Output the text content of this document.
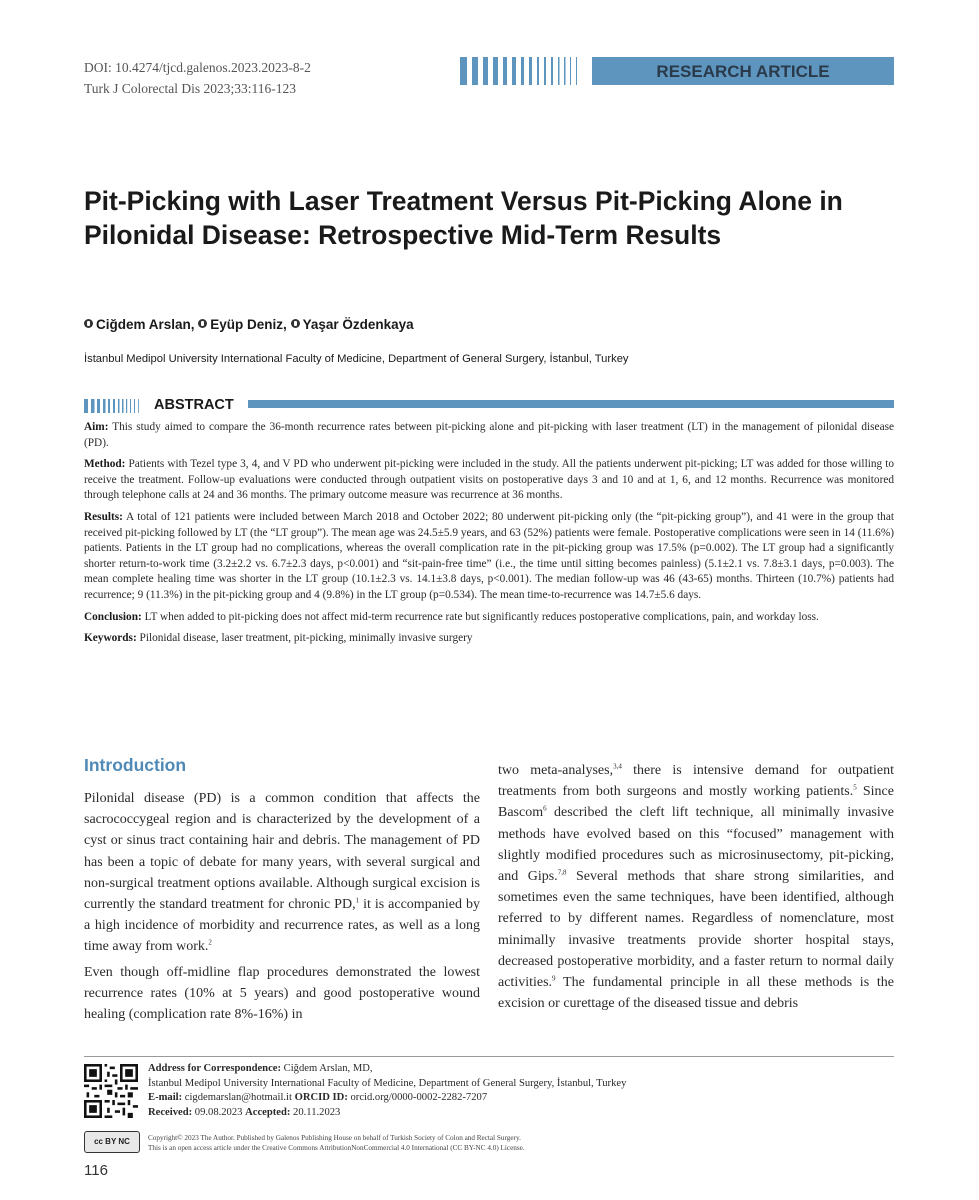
DOI: 10.4274/tjcd.galenos.2023.2023-8-2
Turk J Colorectal Dis 2023;33:116-123
RESEARCH ARTICLE
Pit-Picking with Laser Treatment Versus Pit-Picking Alone in Pilonidal Disease: Retrospective Mid-Term Results
Ciğdem Arslan, Eyüp Deniz, Yaşar Özdenkaya
İstanbul Medipol University International Faculty of Medicine, Department of General Surgery, İstanbul, Turkey
ABSTRACT

Aim: This study aimed to compare the 36-month recurrence rates between pit-picking alone and pit-picking with laser treatment (LT) in the management of pilonidal disease (PD).

Method: Patients with Tezel type 3, 4, and V PD who underwent pit-picking were included in the study. All the patients underwent pit-picking; LT was added for those willing to receive the treatment. Follow-up evaluations were conducted through outpatient visits on postoperative days 3 and 10 and at 1, 6, and 12 months. Recurrence was monitored through telephone calls at 24 and 36 months. The primary outcome measure was recurrence at 36 months.

Results: A total of 121 patients were included between March 2018 and October 2022; 80 underwent pit-picking only (the “pit-picking group”), and 41 were in the group that received pit-picking followed by LT (the “LT group”). The mean age was 24.5±5.9 years, and 63 (52%) patients were female. Postoperative complications were seen in 14 (11.6%) patients. Patients in the LT group had no complications, whereas the overall complication rate in the pit-picking group was 17.5% (p=0.002). The LT group had a significantly shorter return-to-work time (3.2±2.2 vs. 6.7±2.3 days, p<0.001) and “sit-pain-free time” (i.e., the time until sitting becomes painless) (5.1±2.1 vs. 7.8±3.1 days, p=0.003). The mean complete healing time was shorter in the LT group (10.1±2.3 vs. 14.1±3.8 days, p<0.001). The median follow-up was 46 (43-65) months. Thirteen (10.7%) patients had recurrence; 9 (11.3%) in the pit-picking group and 4 (9.8%) in the LT group (p=0.534). The mean time-to-recurrence was 14.7±5.6 days.

Conclusion: LT when added to pit-picking does not affect mid-term recurrence rate but significantly reduces postoperative complications, pain, and workday loss.

Keywords: Pilonidal disease, laser treatment, pit-picking, minimally invasive surgery

Introduction

Pilonidal disease (PD) is a common condition that affects the sacrococcygeal region and is characterized by the development of a cyst or sinus tract containing hair and debris. The management of PD has been a topic of debate for many years, with several surgical and non-surgical treatment options available. Although surgical excision is currently the standard treatment for chronic PD,$^1$ it is accompanied by a high incidence of morbidity and recurrence rates, as well as a long time away from work.$^2$

Even though off-midline flap procedures demonstrated the lowest recurrence rates (10% at 5 years) and good postoperative wound healing (complication rate 8%-16%) in

two meta-analyses,$^{3,4}$ there is intensive demand for outpatient treatments from both surgeons and mostly working patients.$^5$ Since Bascom$^6$ described the cleft lift technique, all minimally invasive methods have evolved based on this “focused” management with slightly modified procedures such as microsinusectomy, pit-picking, and Gips.$^{7,8}$ Several methods that share strong similarities, and sometimes even the same techniques, have been identified, although referred to by different names. Regardless of nomenclature, most minimally invasive treatments provide shorter hospital stays, decreased postoperative morbidity, and a faster return to normal daily activities.$^9$ The fundamental principle in all these methods is the excision or curettage of the diseased tissue and debris

Address for Correspondence: Ciğdem Arslan, MD,
İstanbul Medipol University International Faculty of Medicine, Department of General Surgery, İstanbul, Turkey
E-mail: cigdemarslan@hotmail.it ORCID ID: orcid.org/0000-0002-2282-7207
Received: 09.08.2023 Accepted: 20.11.2023
cc BY NC	Copyright© 2023 The Author. Published by Galenos Publishing House on behalf of Turkish Society of Colon and Rectal Surgery.
This is an open access article under the Creative Commons AttributionNonCommercial 4.0 International (CC BY-NC 4.0) License.
116
